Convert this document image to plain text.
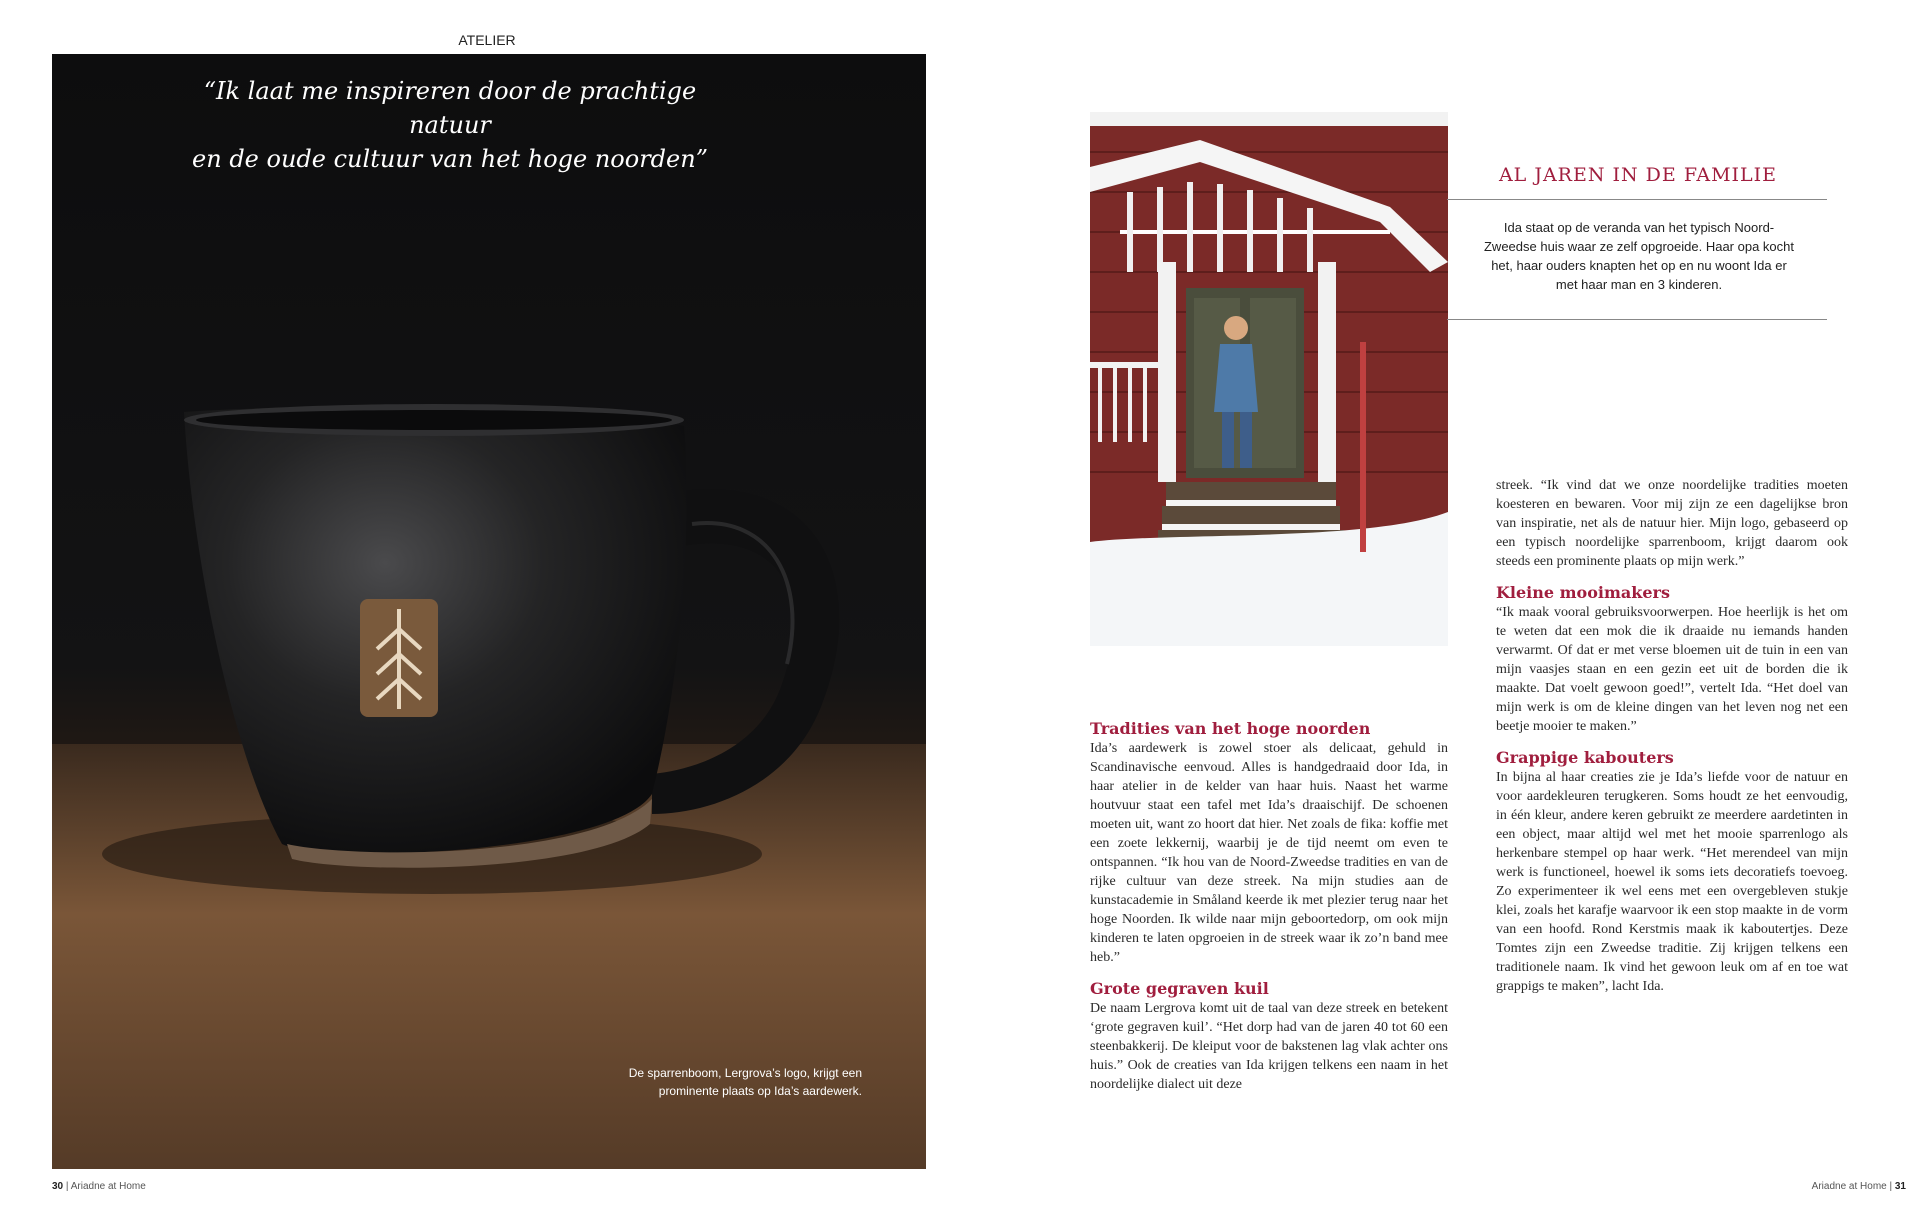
ATELIER
“Ik laat me inspireren door de prachtige natuur
en de oude cultuur van het hoge noorden”
De sparrenboom, Lergrova’s logo, krijgt een
prominente plaats op Ida’s aardewerk.
AL JAREN IN DE FAMILIE
Ida staat op de veranda van het typisch Noord-Zweedse huis waar ze zelf opgroeide. Haar opa kocht het, haar ouders knapten het op en nu woont Ida er met haar man en 3 kinderen.
Tradities van het hoge noorden

Ida’s aardewerk is zowel stoer als delicaat, gehuld in Scandinavische eenvoud. Alles is handgedraaid door Ida, in haar atelier in de kelder van haar huis. Naast het warme houtvuur staat een tafel met Ida’s draaischijf. De schoenen moeten uit, want zo hoort dat hier. Net zoals de fika: koffie met een zoete lekkernij, waarbij je de tijd neemt om even te ontspannen. “Ik hou van de Noord-Zweedse tradities en van de rijke cultuur van deze streek. Na mijn studies aan de kunstacademie in Småland keerde ik met plezier terug naar het hoge Noorden. Ik wilde naar mijn geboortedorp, om ook mijn kinderen te laten opgroeien in de streek waar ik zo’n band mee heb.”

Grote gegraven kuil

De naam Lergrova komt uit de taal van deze streek en betekent ‘grote gegraven kuil’. “Het dorp had van de jaren 40 tot 60 een steenbakkerij. De kleiput voor de bakstenen lag vlak achter ons huis.” Ook de creaties van Ida krijgen telkens een naam in het noordelijke dialect uit deze

streek. “Ik vind dat we onze noordelijke tradities moeten koesteren en bewaren. Voor mij zijn ze een dagelijkse bron van inspiratie, net als de natuur hier. Mijn logo, gebaseerd op een typisch noordelijke sparrenboom, krijgt daarom ook steeds een prominente plaats op mijn werk.”

Kleine mooimakers

“Ik maak vooral gebruiksvoorwerpen. Hoe heerlijk is het om te weten dat een mok die ik draaide nu iemands handen verwarmt. Of dat er met verse bloemen uit de tuin in een van mijn vaasjes staan en een gezin eet uit de borden die ik maakte. Dat voelt gewoon goed!”, vertelt Ida. “Het doel van mijn werk is om de kleine dingen van het leven nog net een beetje mooier te maken.”

Grappige kabouters

In bijna al haar creaties zie je Ida’s liefde voor de natuur en voor aardekleuren terugkeren. Soms houdt ze het eenvoudig, in één kleur, andere keren gebruikt ze meerdere aardetinten in een object, maar altijd wel met het mooie sparrenlogo als herkenbare stempel op haar werk. “Het merendeel van mijn werk is functioneel, hoewel ik soms iets decoratiefs toevoeg. Zo experimenteer ik wel eens met een overgebleven stukje klei, zoals het karafje waarvoor ik een stop maakte in de vorm van een hoofd. Rond Kerstmis maak ik kaboutertjes. Deze Tomtes zijn een Zweedse traditie. Zij krijgen telkens een traditionele naam. Ik vind het gewoon leuk om af en toe wat grappigs te maken”, lacht Ida.

30 | Ariadne at Home	Ariadne at Home | 31
